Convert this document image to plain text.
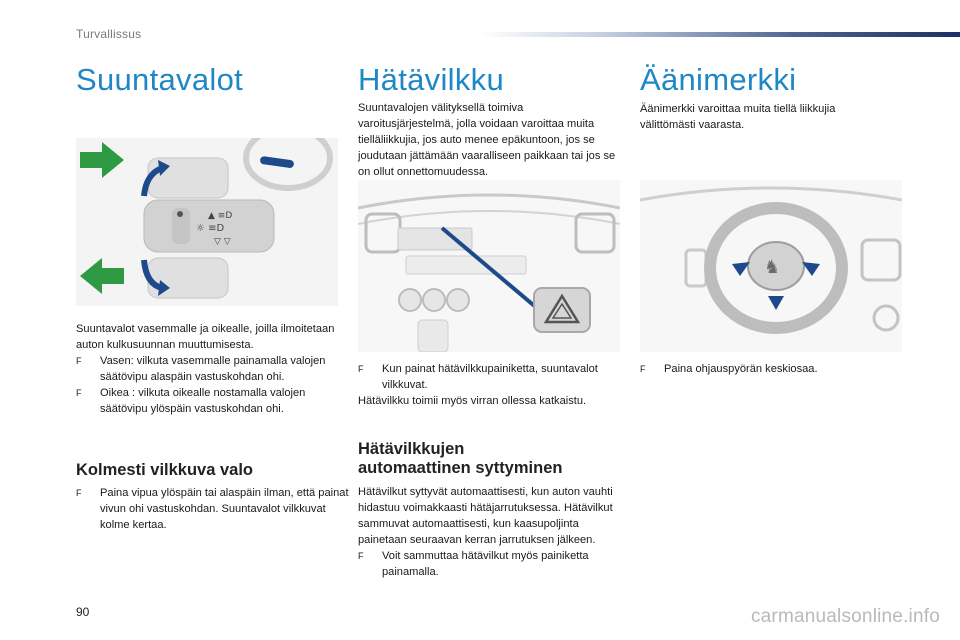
Turvallissus
Suuntavalot
☼ ≡D
▲ ≡D
▽ ▽

Suuntavalot vasemmalle ja oikealle, joilla ilmoitetaan auton kulkusuunnan muuttumisesta.

F Vasen: vilkuta vasemmalle painamalla valojen säätövipu alaspäin vastuskohdan ohi.
F Oikea : vilkuta oikealle nostamalla valojen säätövipu ylöspäin vastuskohdan ohi.
Kolmesti vilkkuva valo
F Paina vipua ylöspäin tai alaspäin ilman, että painat vivun ohi vastuskohdan. Suuntavalot vilkkuvat kolme kertaa.
Hätävilkku

Suuntavalojen välityksellä toimiva varoitusjärjestelmä, jolla voidaan varoittaa muita tielläliikkujia, jos auto menee epäkuntoon, jos se joudutaan jättämään vaaralliseen paikkaan tai jos se on ollut onnettomuudessa.

F Kun painat hätävilkkupainiketta, suuntavalot vilkkuvat.

Hätävilkku toimii myös virran ollessa katkaistu.

Hätävilkkujen
automaattinen syttyminen

Hätävilkut syttyvät automaattisesti, kun auton vauhti hidastuu voimakkaasti hätäjarrutuksessa. Hätävilkut sammuvat automaattisesti, kun kaasupoljinta painetaan seuraavan kerran jarrutuksen jälkeen.

F Voit sammuttaa hätävilkut myös painiketta painamalla.
Äänimerkki

Äänimerkki varoittaa muita tiellä liikkujia välittömästi vaarasta.

♞
F Paina ohjauspyörän keskiosaa.
90	carmanualsonline.info
